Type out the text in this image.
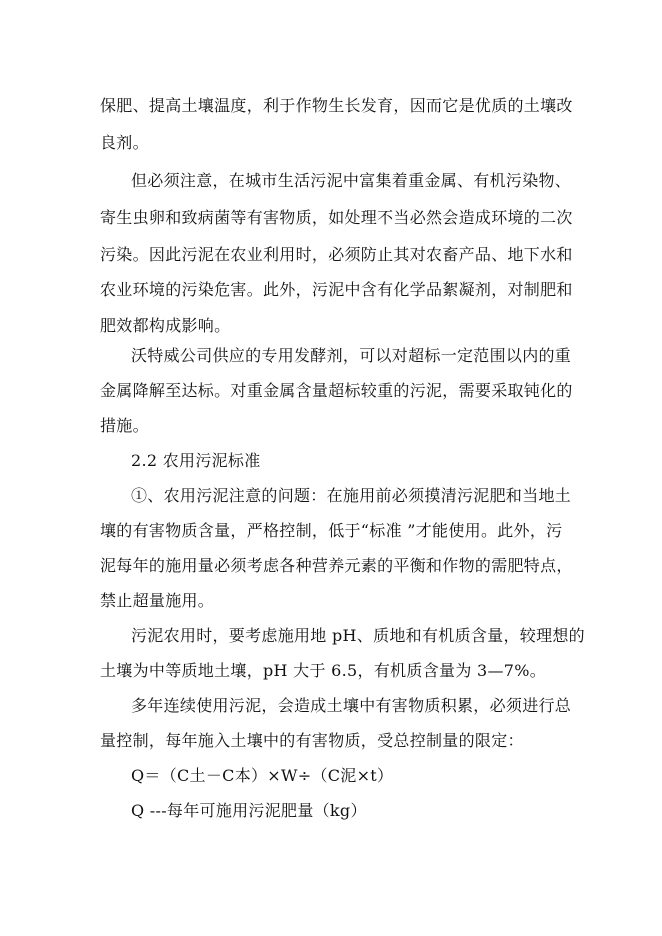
保肥、提高土壤温度，利于作物生长发育，因而它是优质的土壤改
良剂。
但必须注意，在城市生活污泥中富集着重金属、有机污染物、
寄生虫卵和致病菌等有害物质，如处理不当必然会造成环境的二次
污染。因此污泥在农业利用时，必须防止其对农畜产品、地下水和
农业环境的污染危害。此外，污泥中含有化学品絮凝剂，对制肥和
肥效都构成影响。
沃特威公司供应的专用发酵剂，可以对超标一定范围以内的重
金属降解至达标。对重金属含量超标较重的污泥，需要采取钝化的
措施。
2.2 农用污泥标准
①、农用污泥注意的问题：在施用前必须摸清污泥肥和当地土
壤的有害物质含量，严格控制，低于“标准 ”才能使用。此外，污
泥每年的施用量必须考虑各种营养元素的平衡和作物的需肥特点，
禁止超量施用。
污泥农用时，要考虑施用地 pH、质地和有机质含量，较理想的
土壤为中等质地土壤，pH 大于 6.5，有机质含量为 3—7%。
多年连续使用污泥，会造成土壤中有害物质积累，必须进行总
量控制，每年施入土壤中的有害物质，受总控制量的限定：
Q＝（C土－C本）×W÷（C泥×t）
Q ---每年可施用污泥肥量（kg）
